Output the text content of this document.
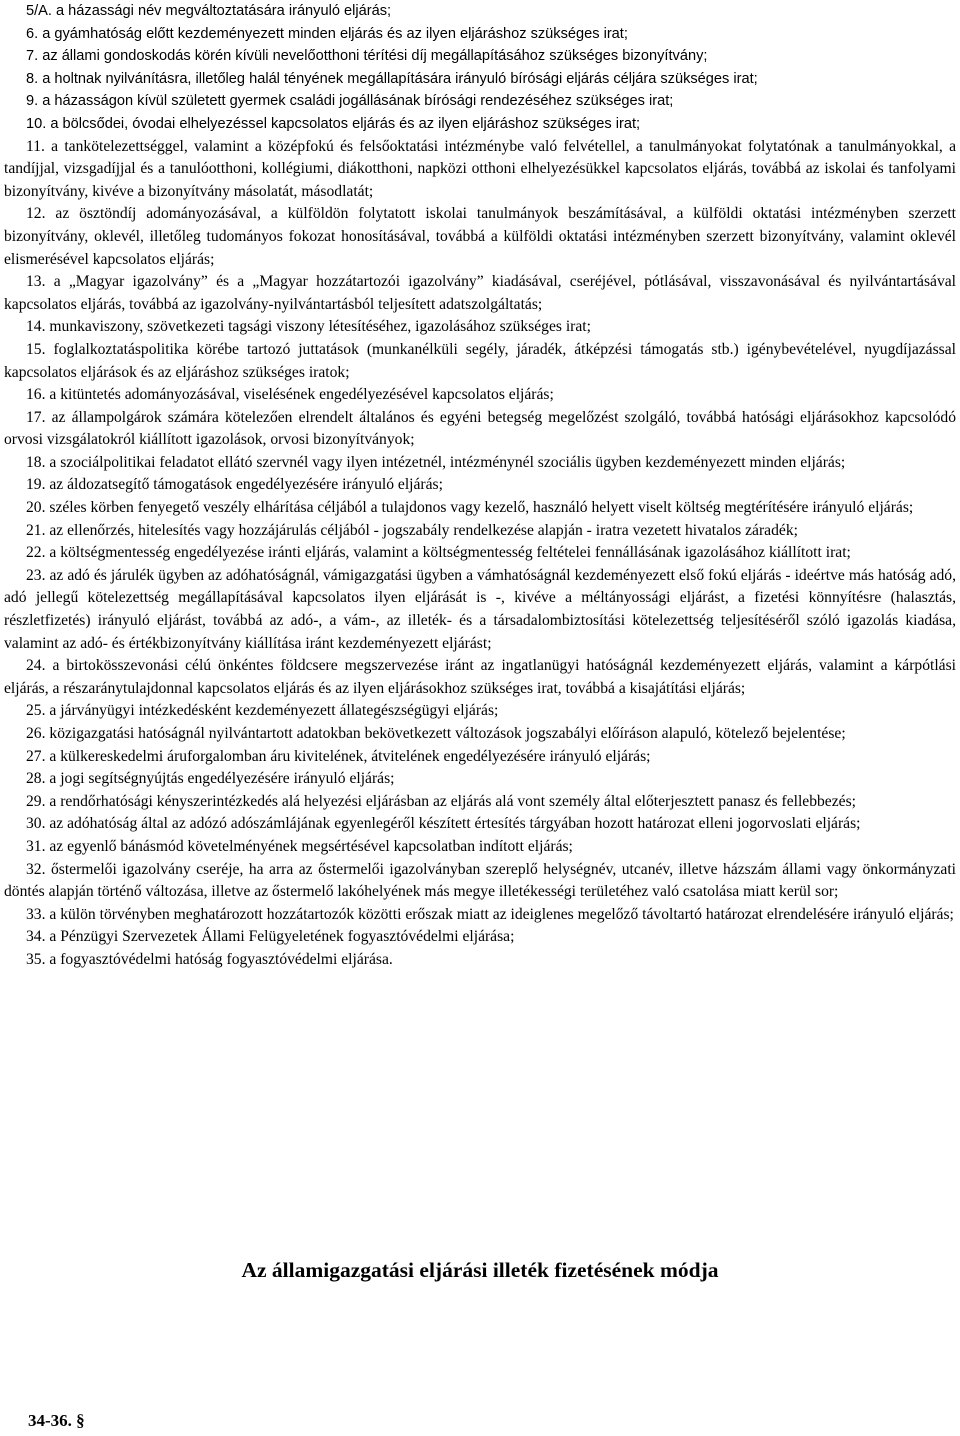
5/A. a házassági név megváltoztatására irányuló eljárás;

6. a gyámhatóság előtt kezdeményezett minden eljárás és az ilyen eljáráshoz szükséges irat;

7. az állami gondoskodás körén kívüli nevelőotthoni térítési díj megállapításához szükséges bizonyítvány;

8. a holtnak nyilvánításra, illetőleg halál tényének megállapítására irányuló bírósági eljárás céljára szükséges irat;

9. a házasságon kívül született gyermek családi jogállásának bírósági rendezéséhez szükséges irat;

10. a bölcsődei, óvodai elhelyezéssel kapcsolatos eljárás és az ilyen eljáráshoz szükséges irat;

11. a tankötelezettséggel, valamint a középfokú és felsőoktatási intézménybe való felvétellel, a tanulmányokat folytatónak a tanulmányokkal, a tandíjjal, vizsgadíjjal és a tanulóotthoni, kollégiumi, diákotthoni, napközi otthoni elhelyezésükkel kapcsolatos eljárás, továbbá az iskolai és tanfolyami bizonyítvány, kivéve a bizonyítvány másolatát, másodlatát;

12. az ösztöndíj adományozásával, a külföldön folytatott iskolai tanulmányok beszámításával, a külföldi oktatási intézményben szerzett bizonyítvány, oklevél, illetőleg tudományos fokozat honosításával, továbbá a külföldi oktatási intézményben szerzett bizonyítvány, valamint oklevél elismerésével kapcsolatos eljárás;

13. a „Magyar igazolvány” és a „Magyar hozzátartozói igazolvány” kiadásával, cseréjével, pótlásával, visszavonásával és nyilvántartásával kapcsolatos eljárás, továbbá az igazolvány-nyilvántartásból teljesített adatszolgáltatás;

14. munkaviszony, szövetkezeti tagsági viszony létesítéséhez, igazolásához szükséges irat;

15. foglalkoztatáspolitika körébe tartozó juttatások (munkanélküli segély, járadék, átképzési támogatás stb.) igénybevételével, nyugdíjazással kapcsolatos eljárások és az eljáráshoz szükséges iratok;

16. a kitüntetés adományozásával, viselésének engedélyezésével kapcsolatos eljárás;

17. az állampolgárok számára kötelezően elrendelt általános és egyéni betegség megelőzést szolgáló, továbbá hatósági eljárásokhoz kapcsolódó orvosi vizsgálatokról kiállított igazolások, orvosi bizonyítványok;

18. a szociálpolitikai feladatot ellátó szervnél vagy ilyen intézetnél, intézménynél szociális ügyben kezdeményezett minden eljárás;

19. az áldozatsegítő támogatások engedélyezésére irányuló eljárás;

20. széles körben fenyegető veszély elhárítása céljából a tulajdonos vagy kezelő, használó helyett viselt költség megtérítésére irányuló eljárás;

21. az ellenőrzés, hitelesítés vagy hozzájárulás céljából - jogszabály rendelkezése alapján - iratra vezetett hivatalos záradék;

22. a költségmentesség engedélyezése iránti eljárás, valamint a költségmentesség feltételei fennállásának igazolásához kiállított irat;

23. az adó és járulék ügyben az adóhatóságnál, vámigazgatási ügyben a vámhatóságnál kezdeményezett első fokú eljárás - ideértve más hatóság adó, adó jellegű kötelezettség megállapításával kapcsolatos ilyen eljárását is -, kivéve a méltányossági eljárást, a fizetési könnyítésre (halasztás, részletfizetés) irányuló eljárást, továbbá az adó-, a vám-, az illeték- és a társadalombiztosítási kötelezettség teljesítéséről szóló igazolás kiadása, valamint az adó- és értékbizonyítvány kiállítása iránt kezdeményezett eljárást;

24. a birtokösszevonási célú önkéntes földcsere megszervezése iránt az ingatlanügyi hatóságnál kezdeményezett eljárás, valamint a kárpótlási eljárás, a részaránytulajdonnal kapcsolatos eljárás és az ilyen eljárásokhoz szükséges irat, továbbá a kisajátítási eljárás;

25. a járványügyi intézkedésként kezdeményezett állategészségügyi eljárás;

26. közigazgatási hatóságnál nyilvántartott adatokban bekövetkezett változások jogszabályi előíráson alapuló, kötelező bejelentése;

27. a külkereskedelmi áruforgalomban áru kivitelének, átvitelének engedélyezésére irányuló eljárás;

28. a jogi segítségnyújtás engedélyezésére irányuló eljárás;

29. a rendőrhatósági kényszerintézkedés alá helyezési eljárásban az eljárás alá vont személy által előterjesztett panasz és fellebbezés;

30. az adóhatóság által az adózó adószámlájának egyenlegéről készített értesítés tárgyában hozott határozat elleni jogorvoslati eljárás;

31. az egyenlő bánásmód követelményének megsértésével kapcsolatban indított eljárás;

32. őstermelői igazolvány cseréje, ha arra az őstermelői igazolványban szereplő helységnév, utcanév, illetve házszám állami vagy önkormányzati döntés alapján történő változása, illetve az őstermelő lakóhelyének más megye illetékességi területéhez való csatolása miatt kerül sor;

33. a külön törvényben meghatározott hozzátartozók közötti erőszak miatt az ideiglenes megelőző távoltartó határozat elrendelésére irányuló eljárás;

34. a Pénzügyi Szervezetek Állami Felügyeletének fogyasztóvédelmi eljárása;

35. a fogyasztóvédelmi hatóság fogyasztóvédelmi eljárása.

Az államigazgatási eljárási illeték fizetésének módja
34-36. §
